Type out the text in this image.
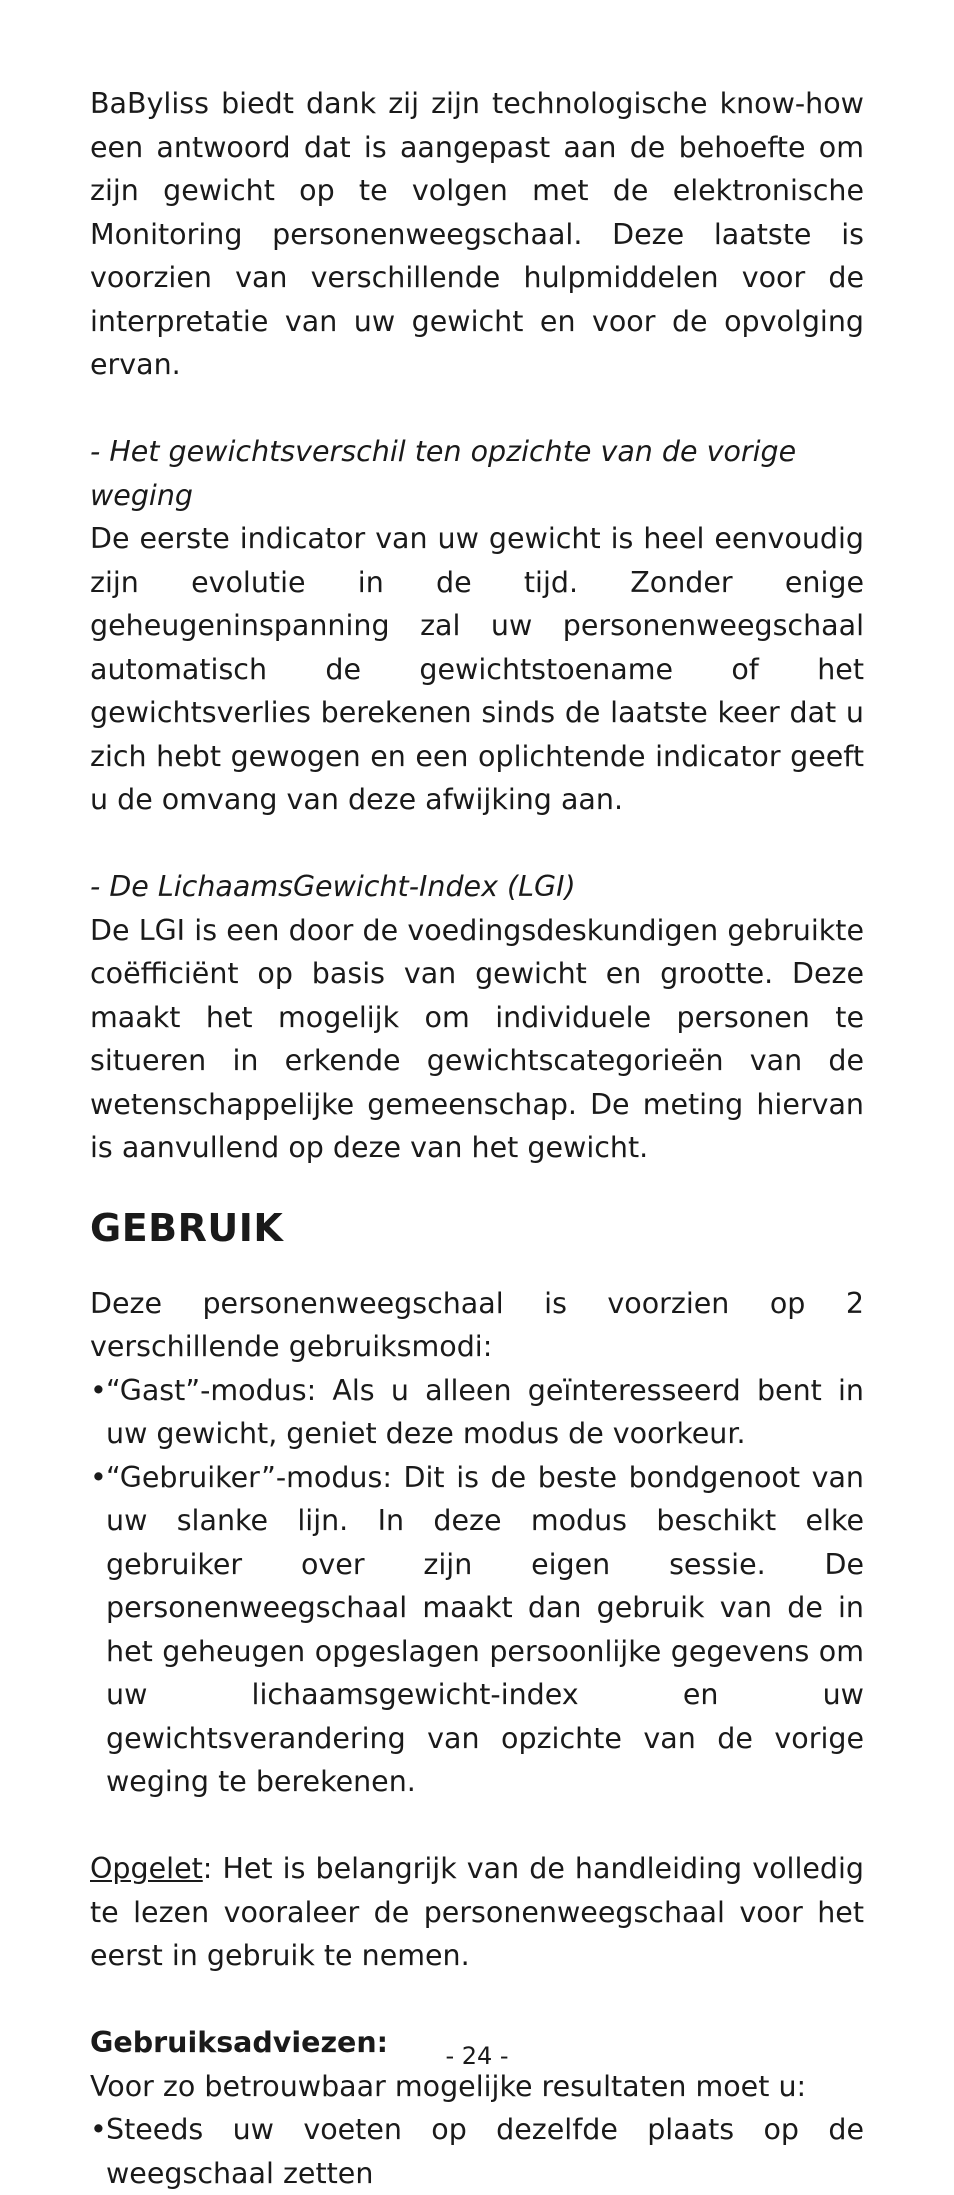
BaByliss biedt dank zij zijn technologische know-how een antwoord dat is aangepast aan de behoefte om zijn gewicht op te volgen met de elektronische Monitoring personenweegschaal. Deze laatste is voorzien van verschillende hulpmiddelen voor de interpretatie van uw gewicht en voor de opvolging ervan.

- Het gewichtsverschil ten opzichte van de vorige weging

De eerste indicator van uw gewicht is heel eenvoudig zijn evolutie in de tijd. Zonder enige geheugeninspanning zal uw personenweegschaal automatisch de gewichtstoename of het gewichtsverlies berekenen sinds de laatste keer dat u zich hebt gewogen en een oplichtende indicator geeft u de omvang van deze afwijking aan.

- De LichaamsGewicht-Index (LGI)

De LGI is een door de voedingsdeskundigen gebruikte coëfficiënt op basis van gewicht en grootte. Deze maakt het mogelijk om individuele personen te situeren in erkende gewichtscategorieën van de wetenschappelijke gemeenschap. De meting hiervan is aanvullend op deze van het gewicht.

GEBRUIK

Deze personenweegschaal is voorzien op 2 verschillende gebruiksmodi:

• “Gast”-modus: Als u alleen geïnteresseerd bent in uw gewicht, geniet deze modus de voorkeur.
• “Gebruiker”-modus: Dit is de beste bondgenoot van uw slanke lijn. In deze modus beschikt elke gebruiker over zijn eigen sessie. De personenweegschaal maakt dan gebruik van de in het geheugen opgeslagen persoonlijke gegevens om uw lichaamsgewicht-index en uw gewichtsverandering van opzichte van de vorige weging te berekenen.

Opgelet: Het is belangrijk van de handleiding volledig te lezen vooraleer de personenweegschaal voor het eerst in gebruik te nemen.

Gebruiksadviezen:

Voor zo betrouwbaar mogelijke resultaten moet u:

• Steeds uw voeten op dezelfde plaats op de weegschaal zetten
- 24 -
